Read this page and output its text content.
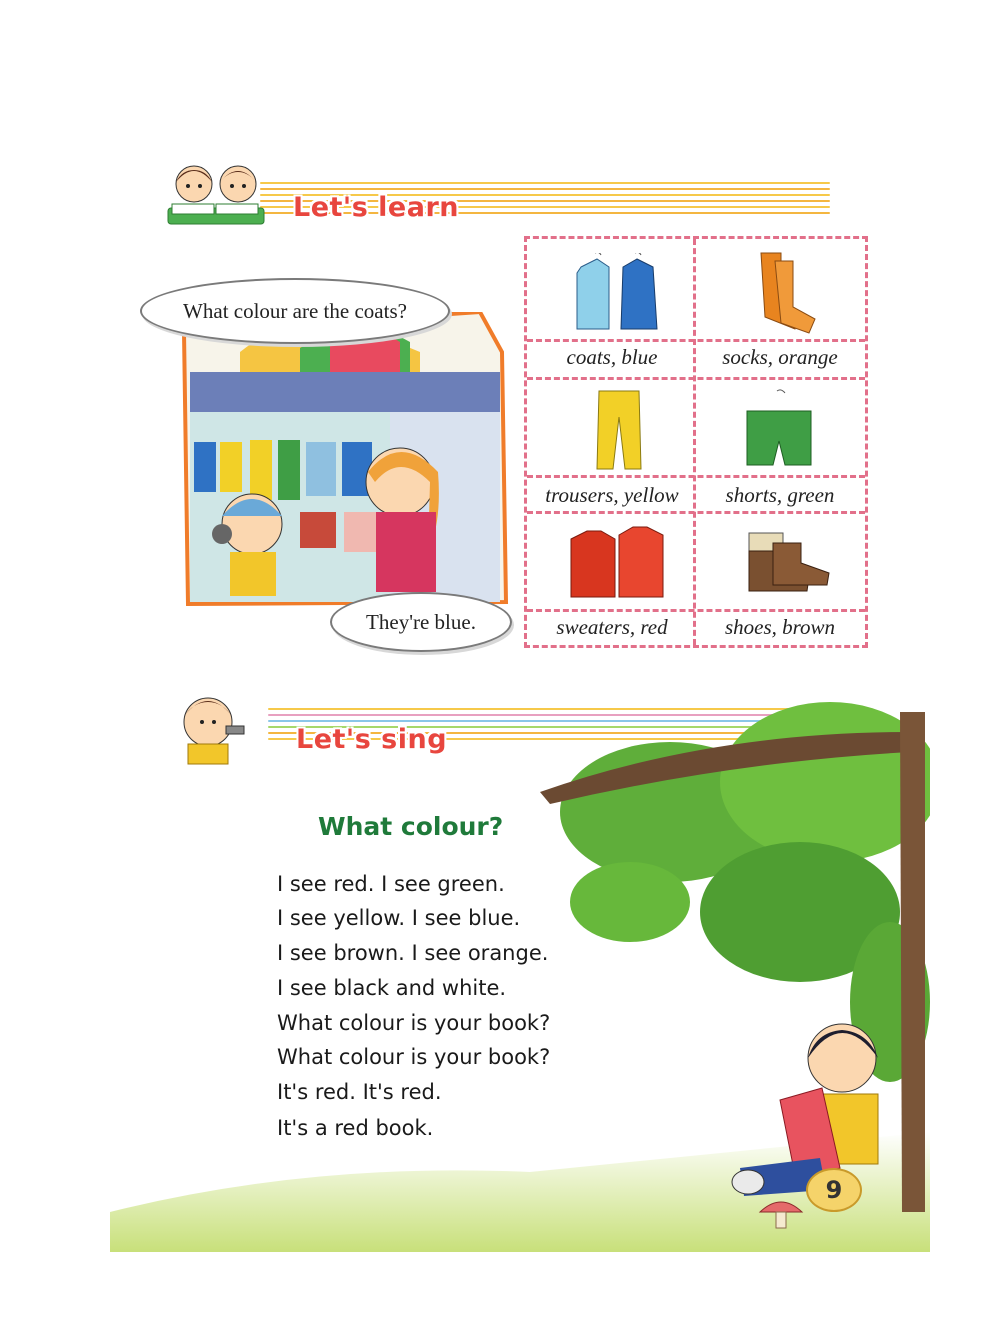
Let's learn
What colour are the coats?
They're blue.
coats, blue	socks, orange
trousers, yellow	shorts, green
sweaters, red	shoes, brown
Let's sing
What colour?
I see red. I see green.
I see yellow. I see blue.
I see brown. I see orange.
I see black and white.
What colour is your book?
What colour is your book?
It's red. It's red.
It's a red book.
9
